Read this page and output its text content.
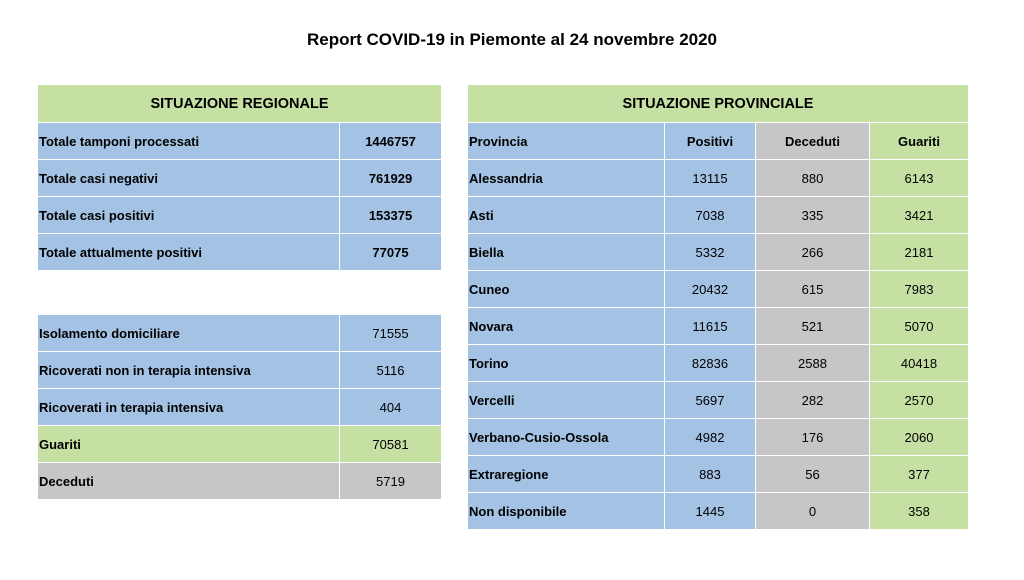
Report COVID-19 in Piemonte al 24 novembre 2020
SITUAZIONE REGIONALE	
Totale tamponi processati	1446757
Totale casi negativi	761929
Totale casi positivi	153375
Totale attualmente positivi	77075
Isolamento domiciliare	71555
Ricoverati non in terapia intensiva	5116
Ricoverati in terapia intensiva	404
Guariti	70581
Deceduti	5719
SITUAZIONE PROVINCIALE			
Provincia	Positivi	Deceduti	Guariti
Alessandria	13115	880	6143
Asti	7038	335	3421
Biella	5332	266	2181
Cuneo	20432	615	7983
Novara	11615	521	5070
Torino	82836	2588	40418
Vercelli	5697	282	2570
Verbano-Cusio-Ossola	4982	176	2060
Extraregione	883	56	377
Non disponibile	1445	0	358
